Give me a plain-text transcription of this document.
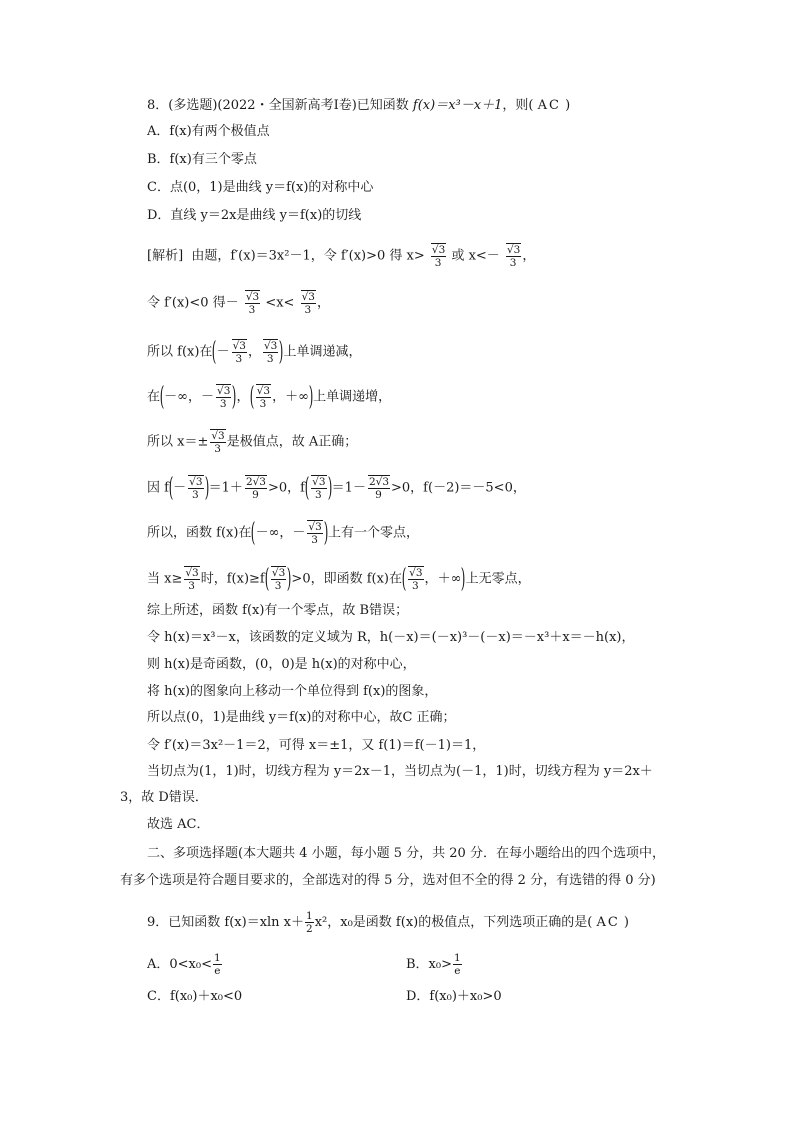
8．(多选题)(2022・全国新高考Ⅰ卷)已知函数 f(x)＝x³－x＋1，则( AC )
A．f(x)有两个极值点
B．f(x)有三个零点
C．点(0，1)是曲线 y＝f(x)的对称中心
D．直线 y＝2x是曲线 y＝f(x)的切线
[解析] 由题，f′(x)＝3x²－1，令 f′(x)>0 得 $x> \frac{√3}{3}$ 或 $x<- \frac{√3}{3}$ ，
令 f′(x)<0 得－ $\frac{√3}{3} <x< \frac{√3}{3}$ ，
所以 f(x)在(－ $\frac{√3}{3}$ ， $\frac{√3}{3}$ )上单调递减，
在(－∞，－ $\frac{√3}{3}$ )，( $\frac{√3}{3}$ ，＋∞)上单调递增，
所以 $x=\pm \frac{√3}{3}$ 是极值点，故 A正确；
因 $f(- \frac{√3}{3} )=1+ \frac{2√3}{9} >0$，$f( \frac{√3}{3} )=1- \frac{2√3}{9} >0$，f(－2)＝－5<0，
所以，函数 f(x)在(－∞，－ $\frac{√3}{3}$ )上有一个零点，
当 $x\ge \frac{√3}{3}$ 时，$f(x)\ge f( \frac{√3}{3} )>0$，即函数 f(x)在( $\frac{√3}{3}$ ，＋∞)上无零点，
综上所述，函数 f(x)有一个零点，故 B错误；
令 h(x)＝x³－x，该函数的定义域为 R，h(－x)＝(－x)³－(－x)＝－x³＋x＝－h(x)，
则 h(x)是奇函数，(0，0)是 h(x)的对称中心，
将 h(x)的图象向上移动一个单位得到 f(x)的图象，
所以点(0，1)是曲线 y＝f(x)的对称中心，故C 正确；
令 f′(x)＝3x²－1＝2，可得 x＝±1，又 f(1)＝f(－1)＝1，
当切点为(1，1)时，切线方程为 y＝2x－1，当切点为(－1，1)时，切线方程为 y＝2x＋
3，故 D错误．
故选 AC．
二、多项选择题(本大题共 4 小题，每小题 5 分，共 20 分．在每小题给出的四个选项中，
有多个选项是符合题目要求的，全部选对的得 5 分，选对但不全的得 2 分，有选错的得 0 分)
9．已知函数 f(x)＝xln $x+ \frac{1}{2} x^2$，x₀是函数 f(x)的极值点，下列选项正确的是( AC )
A．$0<x_0< \frac{1}{e}$	B．$x_0> \frac{1}{e}$
C．f(x₀)＋x₀<0	D．f(x₀)＋x₀>0
